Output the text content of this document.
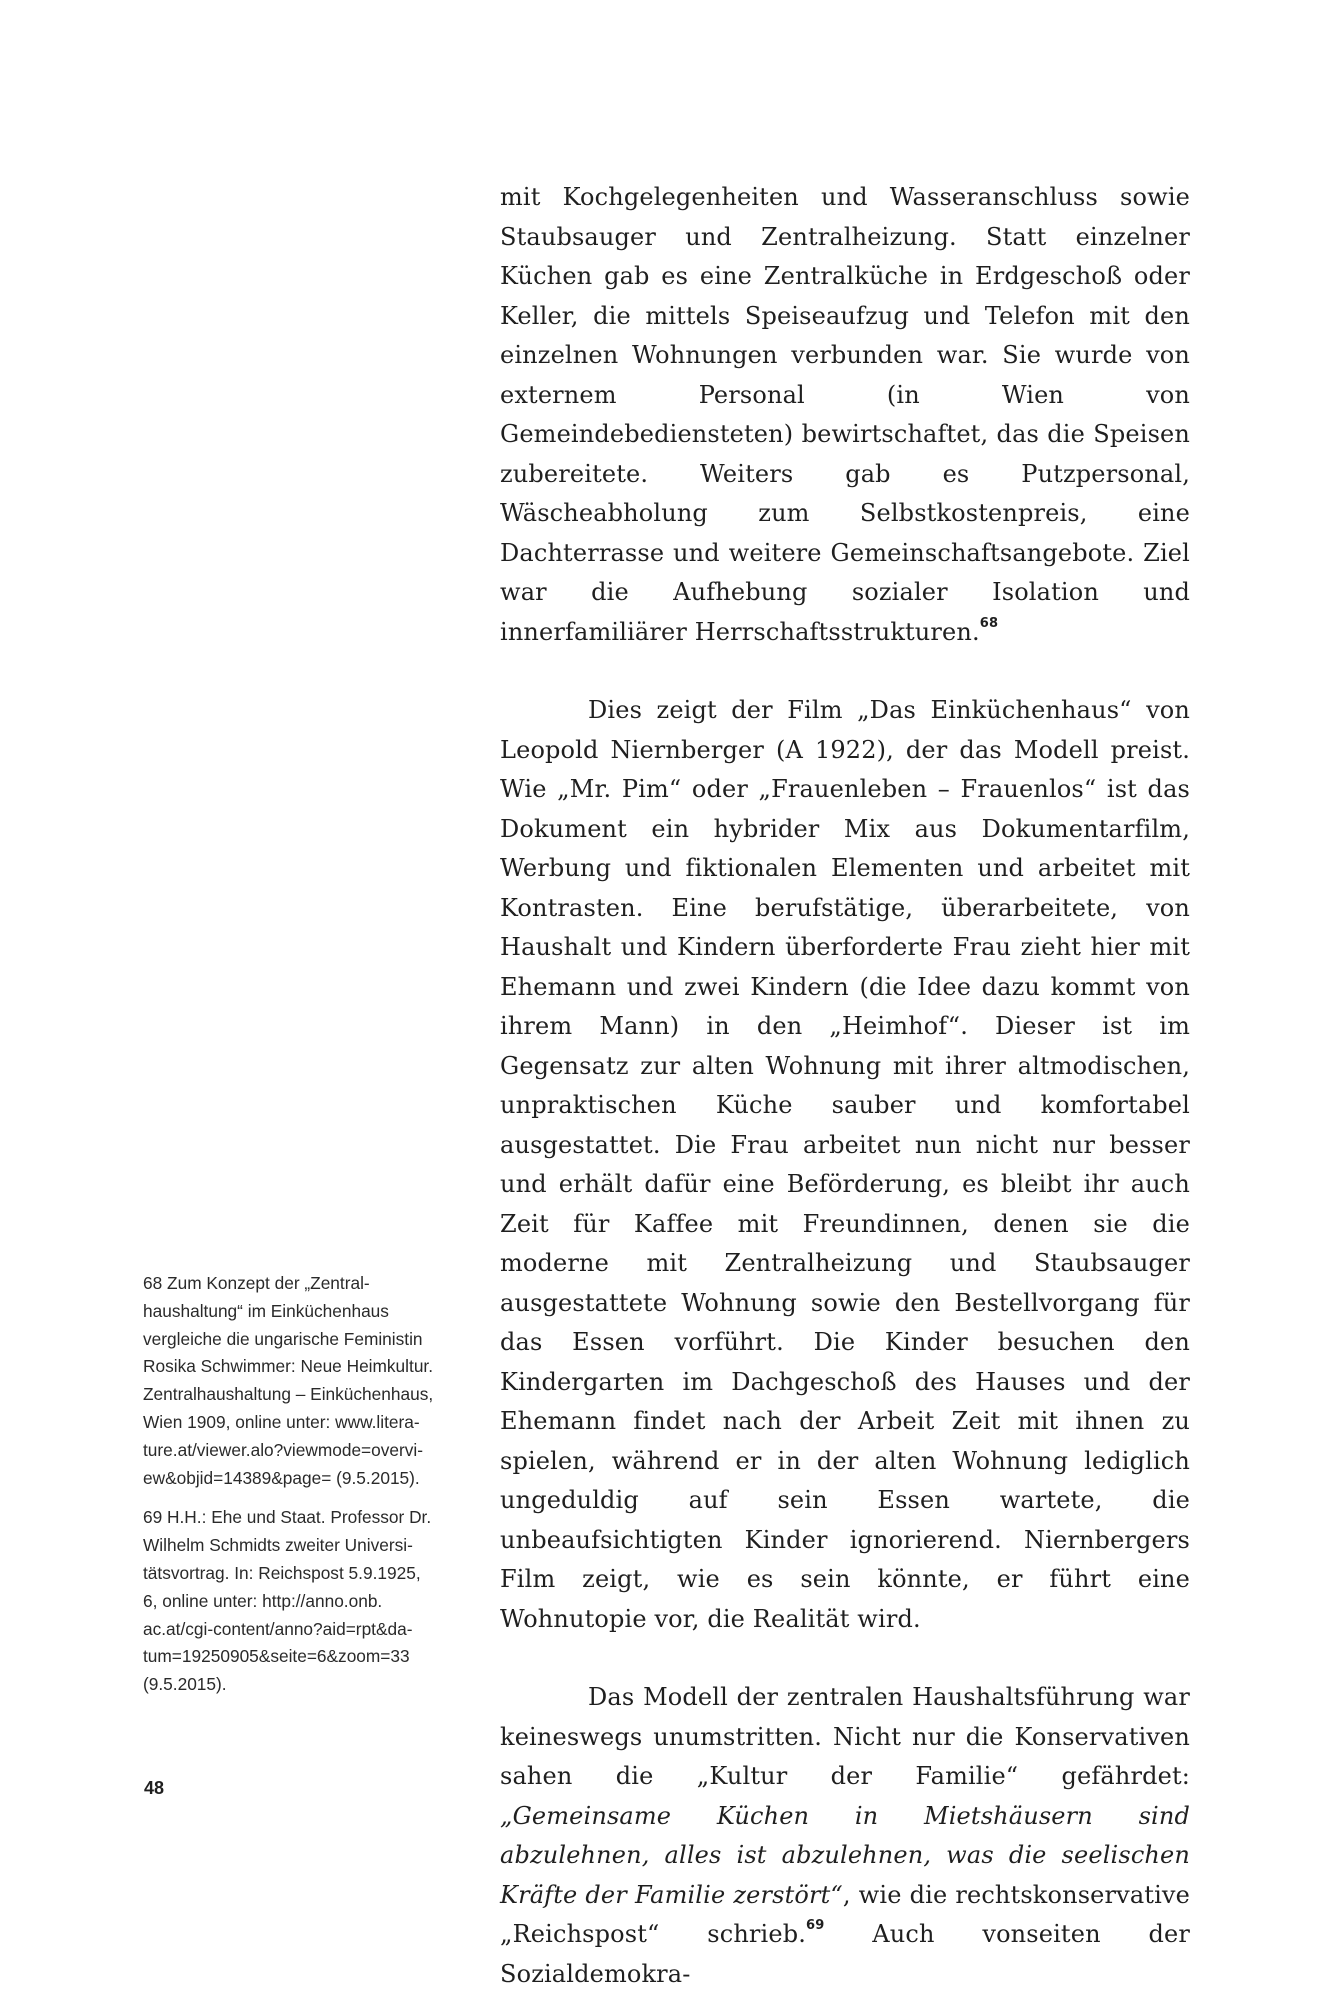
mit Kochgelegenheiten und Wasseranschluss sowie Staubsauger und Zentralheizung. Statt einzelner Küchen gab es eine Zentralküche in Erdgeschoß oder Keller, die mittels Speiseaufzug und Telefon mit den einzelnen Wohnungen verbunden war. Sie wurde von externem Personal (in Wien von Gemeindebediensteten) bewirtschaftet, das die Speisen zubereitete. Weiters gab es Putzpersonal, Wäscheabholung zum Selbstkostenpreis, eine Dachterrasse und weitere Gemeinschaftsangebote. Ziel war die Aufhebung sozialer Isolation und innerfamiliärer Herrschaftsstrukturen.$^{68}$

Dies zeigt der Film „Das Einküchenhaus“ von Leopold Niernberger (A 1922), der das Modell preist. Wie „Mr. Pim“ oder „Frauenleben – Frauenlos“ ist das Dokument ein hybrider Mix aus Dokumentarfilm, Werbung und fiktionalen Elementen und arbeitet mit Kontrasten. Eine berufstätige, überarbeitete, von Haushalt und Kindern überforderte Frau zieht hier mit Ehemann und zwei Kindern (die Idee dazu kommt von ihrem Mann) in den „Heimhof“. Dieser ist im Gegensatz zur alten Wohnung mit ihrer altmodischen, unpraktischen Küche sauber und komfortabel ausgestattet. Die Frau arbeitet nun nicht nur besser und erhält dafür eine Beförderung, es bleibt ihr auch Zeit für Kaffee mit Freundinnen, denen sie die moderne mit Zentralheizung und Staubsauger ausgestattete Wohnung sowie den Bestellvorgang für das Essen vorführt. Die Kinder besuchen den Kindergarten im Dachgeschoß des Hauses und der Ehemann findet nach der Arbeit Zeit mit ihnen zu spielen, während er in der alten Wohnung lediglich ungeduldig auf sein Essen wartete, die unbeaufsichtigten Kinder ignorierend. Niernbergers Film zeigt, wie es sein könnte, er führt eine Wohnutopie vor, die Realität wird.

Das Modell der zentralen Haushaltsführung war keineswegs unumstritten. Nicht nur die Konservativen sahen die „Kultur der Familie“ gefährdet: „Gemeinsame Küchen in Mietshäusern sind abzulehnen, alles ist abzulehnen, was die seelischen Kräfte der Familie zerstört“, wie die rechtskonservative „Reichspost“ schrieb.$^{69}$ Auch vonseiten der Sozialdemokra-

68 Zum Konzept der „Zentral-
haushaltung“ im Einküchenhaus
vergleiche die ungarische Feministin
Rosika Schwimmer: Neue Heimkultur.
Zentralhaushaltung – Einküchenhaus,
Wien 1909, online unter: www.litera-
ture.at/viewer.alo?viewmode=overvi-
ew&objid=14389&page= (9.5.2015).
69 H.H.: Ehe und Staat. Professor Dr.
Wilhelm Schmidts zweiter Universi-
tätsvortrag. In: Reichspost 5.9.1925,
6, online unter: http://anno.onb.
ac.at/cgi-content/anno?aid=rpt&da-
tum=19250905&seite=6&zoom=33
(9.5.2015).
48
